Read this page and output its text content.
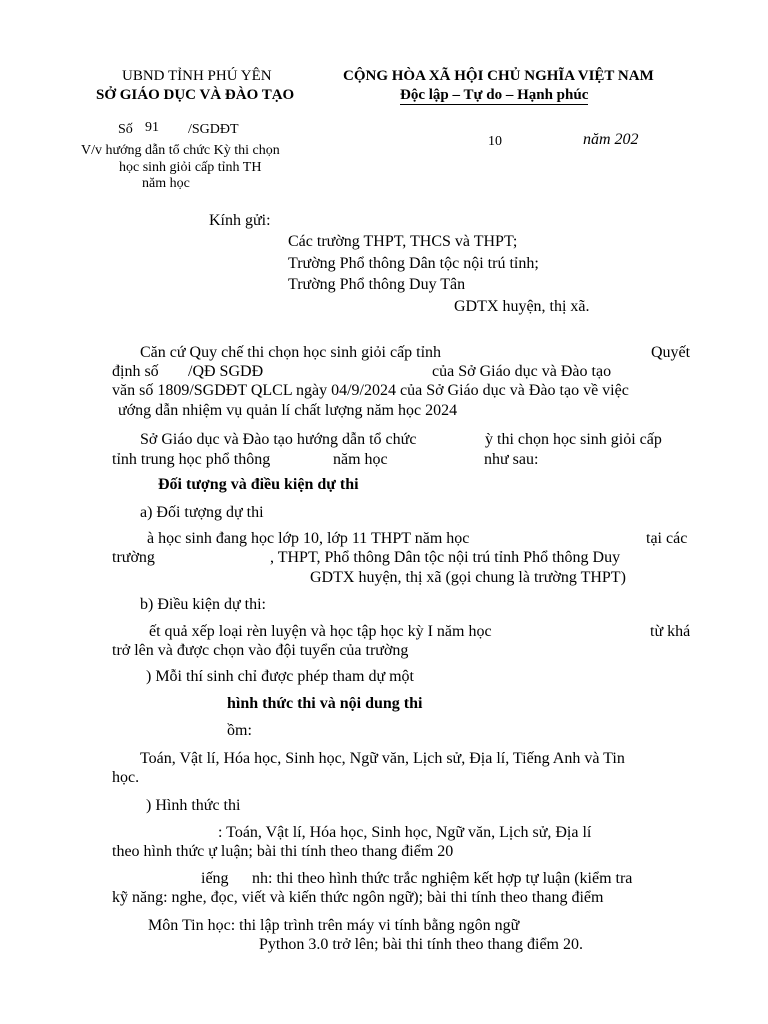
UBND TỈNH PHÚ YÊN
SỞ GIÁO DỤC VÀ ĐÀO TẠO
CỘNG HÒA XÃ HỘI CHỦ NGHĨA VIỆT NAM
Độc lập – Tự do – Hạnh phúc
Số 91 /SGDĐT
10	năm 202
V/v hướng dẫn tổ chức Kỳ thi chọn
học sinh giỏi cấp tỉnh TH
năm học
Kính gửi:
Các trường THPT, THCS và THPT;
Trường Phổ thông Dân tộc nội trú tỉnh;
Trường Phổ thông Duy Tân
GDTX huyện, thị xã.
Căn cứ Quy chế thi chọn học sinh giỏi cấp tỉnh	Quyết
định số /QĐ SGDĐ	của Sở Giáo dục và Đào tạo
văn số 1809/SGDĐT QLCL ngày 04/9/2024 của Sở Giáo dục và Đào tạo về việc
ướng dẫn nhiệm vụ quản lí chất lượng năm học 2024
Sở Giáo dục và Đào tạo hướng dẫn tổ chức	ỳ thi chọn học sinh giỏi cấp
tỉnh trung học phổ thông	năm học	như sau:
Đối tượng và điều kiện dự thi
a) Đối tượng dự thi
à học sinh đang học lớp 10, lớp 11 THPT năm học	tại các
trường	, THPT, Phổ thông Dân tộc nội trú tỉnh Phổ thông Duy
GDTX huyện, thị xã (gọi chung là trường THPT)
b) Điều kiện dự thi:
ết quả xếp loại rèn luyện và học tập học kỳ I năm học	từ khá
trở lên và được chọn vào đội tuyển của trường
) Mỗi thí sinh chỉ được phép tham dự một
hình thức thi và nội dung thi
ồm:
Toán, Vật lí, Hóa học, Sinh học, Ngữ văn, Lịch sử, Địa lí, Tiếng Anh và Tin
học.
) Hình thức thi
: Toán, Vật lí, Hóa học, Sinh học, Ngữ văn, Lịch sử, Địa lí
theo hình thức ự luận; bài thi tính theo thang điểm 20
iếng nh: thi theo hình thức trắc nghiệm kết hợp tự luận (kiểm tra
kỹ năng: nghe, đọc, viết và kiến thức ngôn ngữ); bài thi tính theo thang điểm
Môn Tin học: thi lập trình trên máy vi tính bằng ngôn ngữ
Python 3.0 trở lên; bài thi tính theo thang điểm 20.
